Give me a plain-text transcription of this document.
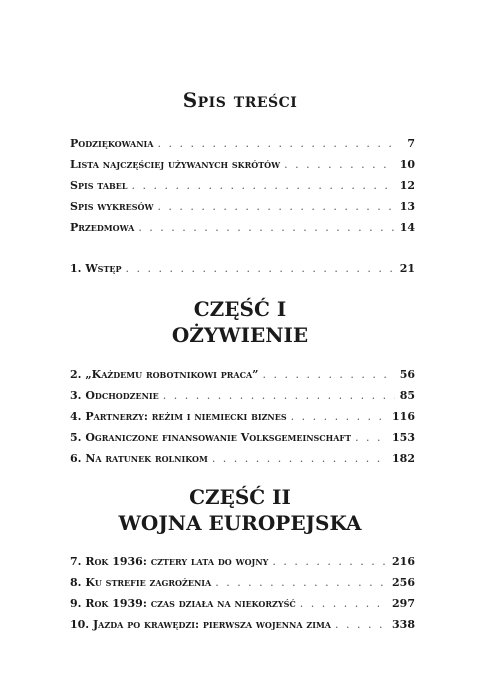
Spis treści
Podziękowania . . .	7
Lista najczęściej używanych skrótów . . .	10
Spis tabel . . .	12
Spis wykresów . . .	13
Przedmowa . . .	14
1. Wstęp . . .	21
CZĘŚĆ I
OŻYWIENIE
2. „Każdemu robotnikowi praca” . . .	56
3. Odchodzenie . . .	85
4. Partnerzy: reżim i niemiecki biznes . . .	116
5. Ograniczone finansowanie Volksgemeinschaft . . .	153
6. Na ratunek rolnikom . . .	182
CZĘŚĆ II
WOJNA EUROPEJSKA
7. Rok 1936: cztery lata do wojny . . .	216
8. Ku strefie zagrożenia . . .	256
9. Rok 1939: czas działa na niekorzyść . . .	297
10. Jazda po krawędzi: pierwsza wojenna zima . . .	338
